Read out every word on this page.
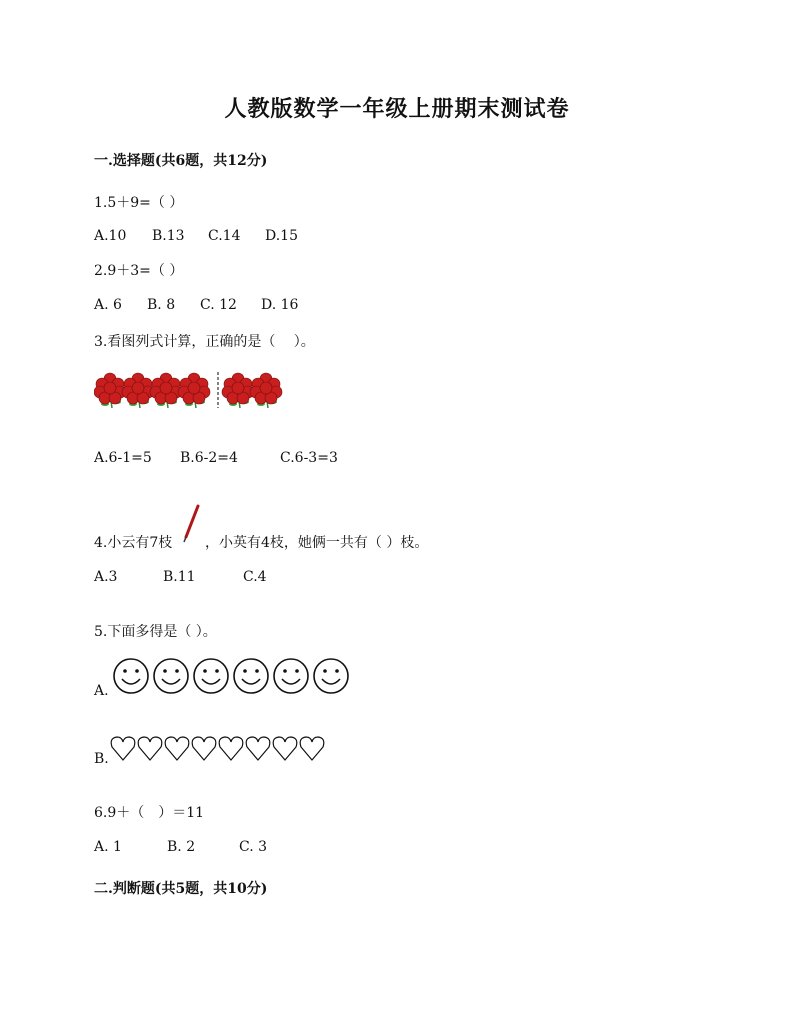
人教版数学一年级上册期末测试卷
一.选择题(共6题，共12分)
1.5＋9=（ ）
A.10 B.13 C.14 D.15
2.9＋3=（ ）
A. 6 B. 8 C. 12 D. 16
3.看图列式计算，正确的是（　 ）。
A.6-1=5 B.6-2=4	C.6-3=3
4.小云有7枝 ，小英有4枝，她俩一共有（ ）枝。
A.3	B.11	C.4
5.下面多得是（ ）。
A.
B.
6.9＋（　）＝11
A. 1	B. 2	C. 3
二.判断题(共5题，共10分)
